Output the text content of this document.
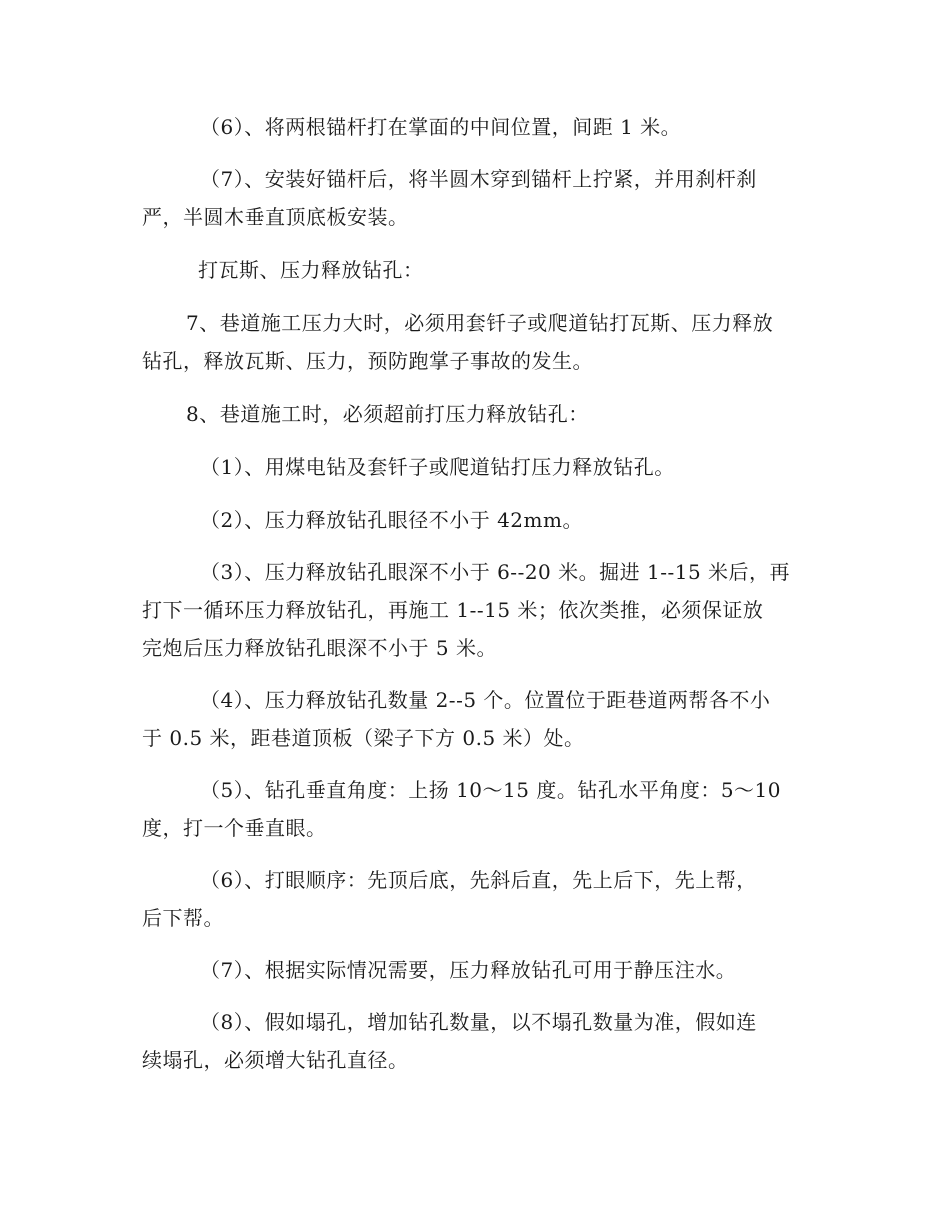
（6）、将两根锚杆打在掌面的中间位置，间距 1 米。
（7）、安装好锚杆后，将半圆木穿到锚杆上拧紧，并用刹杆刹
严，半圆木垂直顶底板安装。
打瓦斯、压力释放钻孔：
7、巷道施工压力大时，必须用套钎子或爬道钻打瓦斯、压力释放
钻孔，释放瓦斯、压力，预防跑掌子事故的发生。
8、巷道施工时，必须超前打压力释放钻孔：
（1）、用煤电钻及套钎子或爬道钻打压力释放钻孔。
（2）、压力释放钻孔眼径不小于 42mm。
（3）、压力释放钻孔眼深不小于 6--20 米。掘进 1--15 米后，再
打下一循环压力释放钻孔，再施工 1--15 米；依次类推，必须保证放
完炮后压力释放钻孔眼深不小于 5 米。
（4）、压力释放钻孔数量 2--5 个。位置位于距巷道两帮各不小
于 0.5 米，距巷道顶板（梁子下方 0.5 米）处。
（5）、钻孔垂直角度：上扬 10～15 度。钻孔水平角度：5～10
度，打一个垂直眼。
（6）、打眼顺序：先顶后底，先斜后直，先上后下，先上帮，
后下帮。
（7）、根据实际情况需要，压力释放钻孔可用于静压注水。
（8）、假如塌孔，增加钻孔数量，以不塌孔数量为准，假如连
续塌孔，必须增大钻孔直径。
